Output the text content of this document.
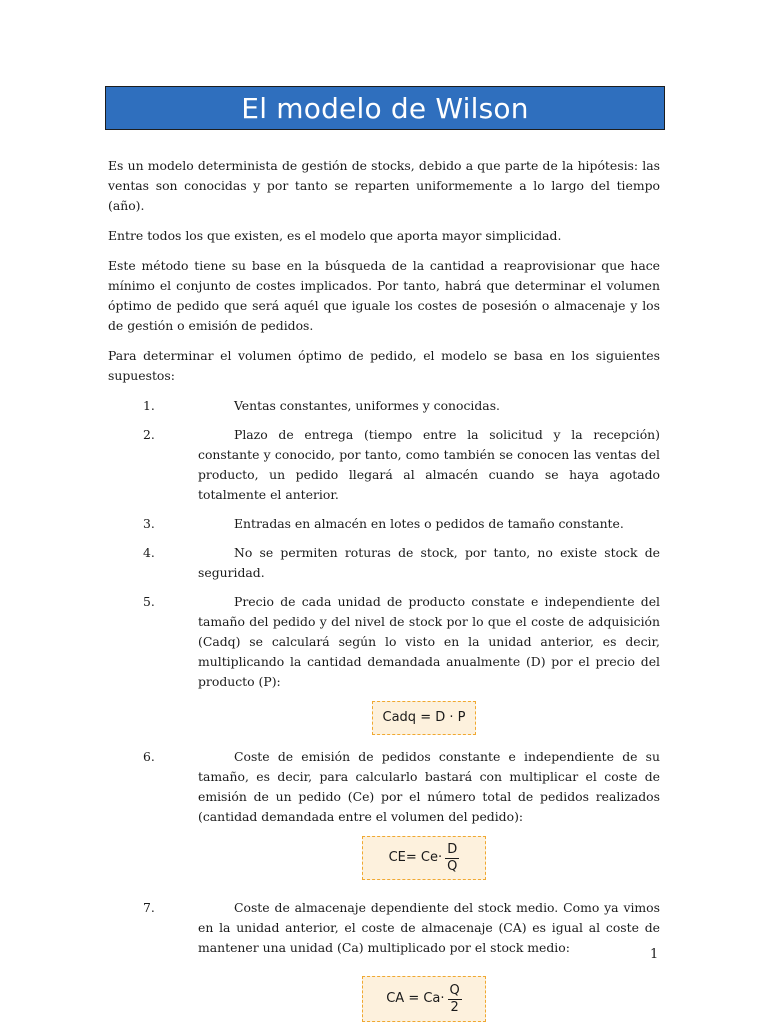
El modelo de Wilson

Es un modelo determinista de gestión de stocks, debido a que parte de la hipótesis: las ventas son conocidas y por tanto se reparten uniformemente a lo largo del tiempo (año).

Entre todos los que existen, es el modelo que aporta mayor simplicidad.

Este método tiene su base en la búsqueda de la cantidad a reaprovisionar que hace mínimo el conjunto de costes implicados. Por tanto, habrá que determinar el volumen óptimo de pedido que será aquél que iguale los costes de posesión o almacenaje y los de gestión o emisión de pedidos.

Para determinar el volumen óptimo de pedido, el modelo se basa en los siguientes supuestos:

1.	Ventas constantes, uniformes y conocidas.
2.	Plazo de entrega (tiempo entre la solicitud y la recepción) constante y conocido, por tanto, como también se conocen las ventas del producto, un pedido llegará al almacén cuando se haya agotado totalmente el anterior.
3.	Entradas en almacén en lotes o pedidos de tamaño constante.
4.	No se permiten roturas de stock, por tanto, no existe stock de seguridad.
5.	Precio de cada unidad de producto constate e independiente del tamaño del pedido y del nivel de stock por lo que el coste de adquisición (Cadq) se calculará según lo visto en la unidad anterior, es decir, multiplicando la cantidad demandada anualmente (D) por el precio del producto (P):
Cadq = D · P
6.	Coste de emisión de pedidos constante e independiente de su tamaño, es decir, para calcularlo bastará con multiplicar el coste de emisión de un pedido (Ce) por el número total de pedidos realizados (cantidad demandada entre el volumen del pedido):
$CE= Ce\cdot \frac{D}{Q}$
7.	Coste de almacenaje dependiente del stock medio. Como ya vimos en la unidad anterior, el coste de almacenaje (CA) es igual al coste de mantener una unidad (Ca) multiplicado por el stock medio:
CA = $Ca\cdot \frac{Q}{2}$
1
